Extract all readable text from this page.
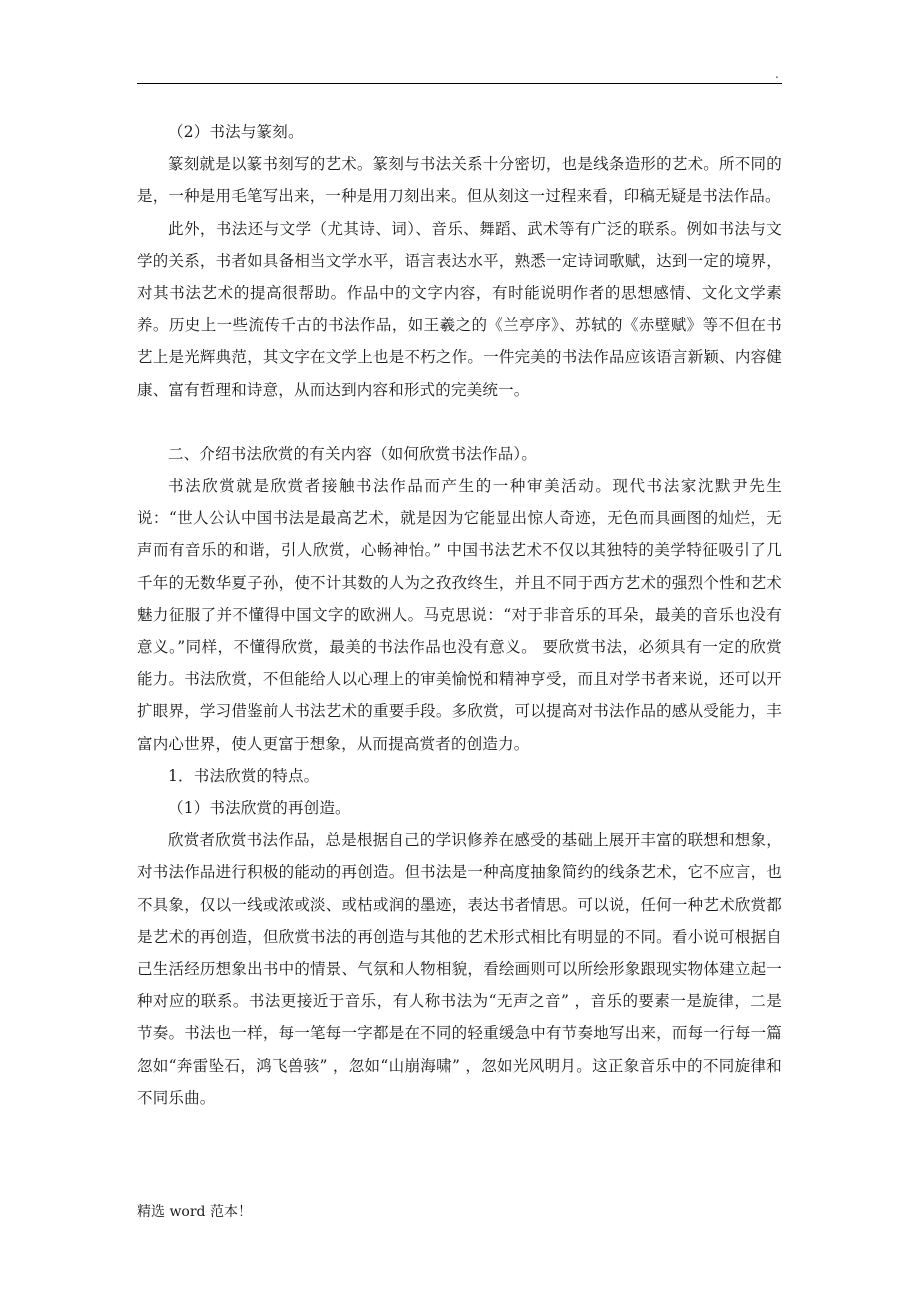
.

（2）书法与篆刻。

篆刻就是以篆书刻写的艺术。篆刻与书法关系十分密切，也是线条造形的艺术。所不同的是，一种是用毛笔写出来，一种是用刀刻出来。但从刻这一过程来看，印稿无疑是书法作品。

此外，书法还与文学（尤其诗、词）、音乐、舞蹈、武术等有广泛的联系。例如书法与文学的关系，书者如具备相当文学水平，语言表达水平，熟悉一定诗词歌赋，达到一定的境界，对其书法艺术的提高很帮助。作品中的文字内容，有时能说明作者的思想感情、文化文学素养。历史上一些流传千古的书法作品，如王羲之的《兰亭序》、苏轼的《赤壁赋》等不但在书艺上是光辉典范，其文字在文学上也是不朽之作。一件完美的书法作品应该语言新颖、内容健康、富有哲理和诗意，从而达到内容和形式的完美统一。

二、介绍书法欣赏的有关内容（如何欣赏书法作品）。

书法欣赏就是欣赏者接触书法作品而产生的一种审美活动。现代书法家沈默尹先生说：“世人公认中国书法是最高艺术，就是因为它能显出惊人奇迹，无色而具画图的灿烂，无声而有音乐的和谐，引人欣赏，心畅神怡。” 中国书法艺术不仅以其独特的美学特征吸引了几千年的无数华夏子孙，使不计其数的人为之孜孜终生，并且不同于西方艺术的强烈个性和艺术魅力征服了并不懂得中国文字的欧洲人。马克思说：“对于非音乐的耳朵，最美的音乐也没有意义。”同样，不懂得欣赏，最美的书法作品也没有意义。 要欣赏书法，必须具有一定的欣赏能力。书法欣赏，不但能给人以心理上的审美愉悦和精神亨受，而且对学书者来说，还可以开扩眼界，学习借鉴前人书法艺术的重要手段。多欣赏，可以提高对书法作品的感从受能力，丰富内心世界，使人更富于想象，从而提高赏者的创造力。

1．书法欣赏的特点。

（1）书法欣赏的再创造。

欣赏者欣赏书法作品，总是根据自己的学识修养在感受的基础上展开丰富的联想和想象，对书法作品进行积极的能动的再创造。但书法是一种高度抽象简约的线条艺术，它不应言，也不具象，仅以一线或浓或淡、或枯或润的墨迹，表达书者情思。可以说，任何一种艺术欣赏都是艺术的再创造，但欣赏书法的再创造与其他的艺术形式相比有明显的不同。看小说可根据自己生活经历想象出书中的情景、气氛和人物相貌，看绘画则可以所绘形象跟现实物体建立起一种对应的联系。书法更接近于音乐，有人称书法为“无声之音” ，音乐的要素一是旋律，二是节奏。书法也一样，每一笔每一字都是在不同的轻重缓急中有节奏地写出来，而每一行每一篇忽如“奔雷坠石，鸿飞兽骇” ，忽如“山崩海啸” ，忽如光风明月。这正象音乐中的不同旋律和不同乐曲。

精选 word 范本！
